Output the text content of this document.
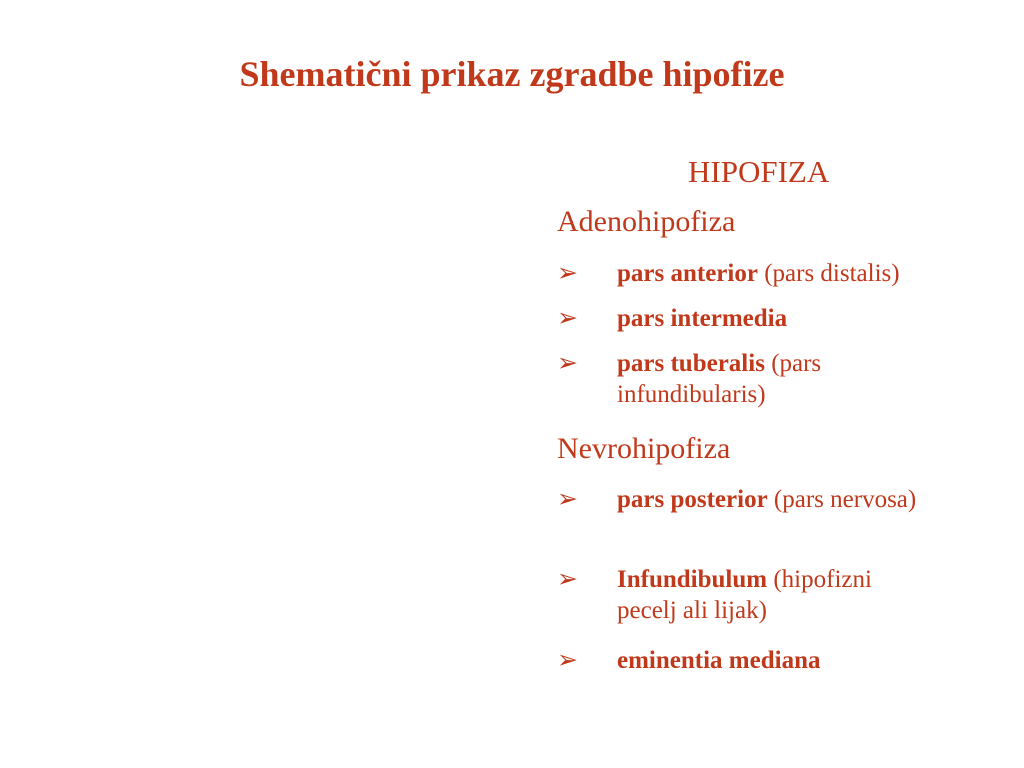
Shematični prikaz zgradbe hipofize
HIPOFIZA
Adenohipofiza
➢	pars anterior (pars distalis)
➢	pars intermedia
➢	pars tuberalis (pars infundibularis)
Nevrohipofiza
➢	pars posterior (pars nervosa)
➢	Infundibulum (hipofizni pecelj ali lijak)
➢	eminentia mediana
